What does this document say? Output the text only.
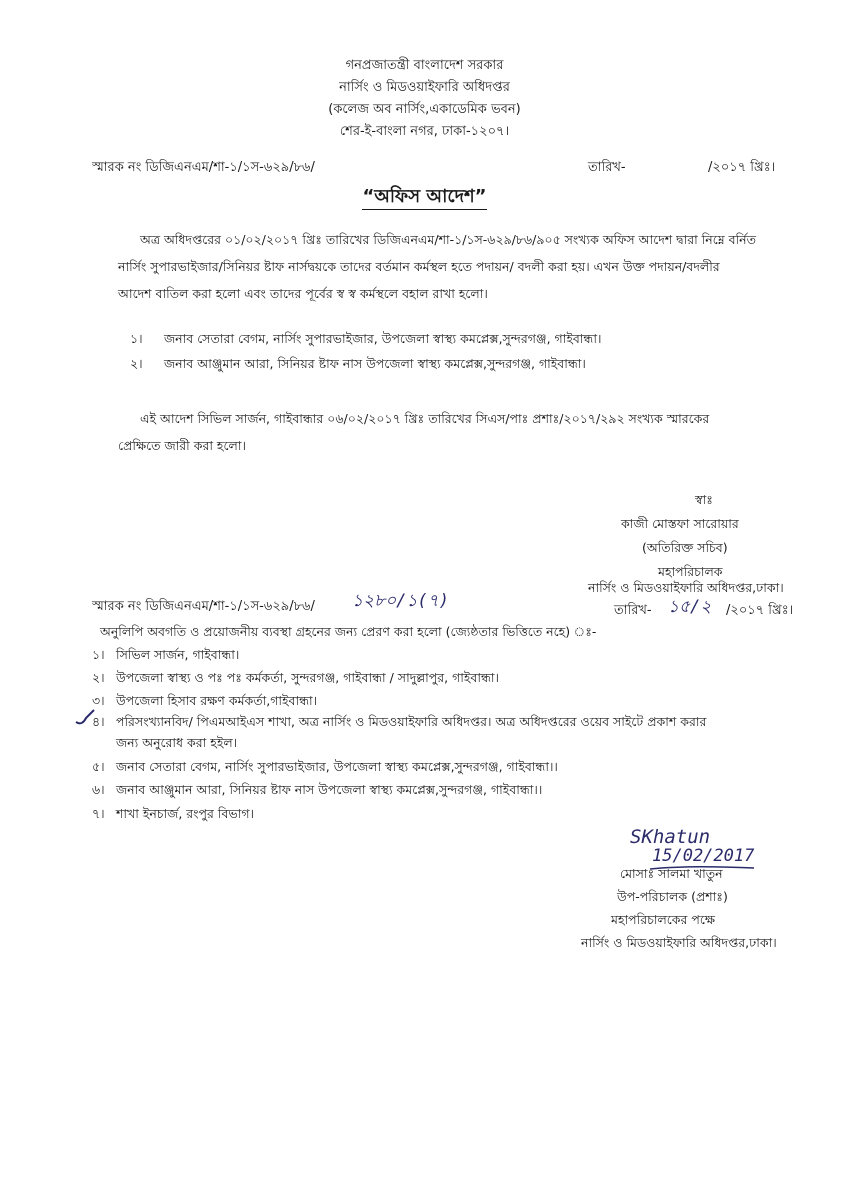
গনপ্রজাতন্ত্রী বাংলাদেশ সরকার
নার্সিং ও মিডওয়াইফারি অধিদপ্তর
(কলেজ অব নার্সিং,একাডেমিক ভবন)
শের-ই-বাংলা নগর, ঢাকা-১২০৭।
স্মারক নং ডিজিএনএম/শা-১/১স-৬২৯/৮৬/	তারিখ-	/২০১৭ খ্রিঃ।
“অফিস আদেশ”
অত্র অধিদপ্তরের ০১/০২/২০১৭ খ্রিঃ তারিখের ডিজিএনএম/শা-১/১স-৬২৯/৮৬/৯০৫ সংখ্যক অফিস আদেশ দ্বারা নিম্নে বর্নিত
নার্সিং সুপারভাইজার/সিনিয়র ষ্টাফ নার্সদ্বয়কে তাদের বর্তমান কর্মস্থল হতে পদায়ন/ বদলী করা হয়। এখন উক্ত পদায়ন/বদলীর
আদেশ বাতিল করা হলো এবং তাদের পূর্বের স্ব স্ব কর্মস্থলে বহাল রাখা হলো।
১। জনাব সেতারা বেগম, নার্সিং সুপারভাইজার, উপজেলা স্বাস্থ্য কমপ্লেক্স,সুন্দরগঞ্জ, গাইবান্ধা।
২। জনাব আঞ্জুমান আরা, সিনিয়র ষ্টাফ নাস উপজেলা স্বাস্থ্য কমপ্লেক্স,সুন্দরগঞ্জ, গাইবান্ধা।
এই আদেশ সিভিল সার্জন, গাইবান্ধার ০৬/০২/২০১৭ খ্রিঃ তারিখের সিএস/পাঃ প্রশাঃ/২০১৭/২৯২ সংখ্যক স্মারকের
প্রেক্ষিতে জারী করা হলো।
স্বাঃ
কাজী মোস্তফা সারোয়ার
(অতিরিক্ত সচিব)
মহাপরিচালক
নার্সিং ও মিডওয়াইফারি অধিদপ্তর,ঢাকা।
স্মারক নং ডিজিএনএম/শা-১/১স-৬২৯/৮৬/ ১২৮০/১(৭)	তারিখ- ১৫/২ /২০১৭ খ্রিঃ।
অনুলিপি অবগতি ও প্রয়োজনীয় ব্যবস্থা গ্রহনের জন্য প্রেরণ করা হলো (জ্যেষ্ঠতার ভিত্তিতে নহে) ঃ-
১। সিভিল সার্জন, গাইবান্ধা।
২। উপজেলা স্বাস্থ্য ও পঃ পঃ কর্মকর্তা, সুন্দরগঞ্জ, গাইবান্ধা / সাদুল্লাপুর, গাইবান্ধা।
৩। উপজেলা হিসাব রক্ষণ কর্মকর্তা,গাইবান্ধা।
৪। পরিসংখ্যানবিদ/ পিএমআইএস শাখা, অত্র নার্সিং ও মিডওয়াইফারি অধিদপ্তর। অত্র অধিদপ্তরের ওয়েব সাইটে প্রকাশ করার
জন্য অনুরোধ করা হইল।
৫। জনাব সেতারা বেগম, নার্সিং সুপারভাইজার, উপজেলা স্বাস্থ্য কমপ্লেক্স,সুন্দরগঞ্জ, গাইবান্ধা।।
৬। জনাব আঞ্জুমান আরা, সিনিয়র ষ্টাফ নাস উপজেলা স্বাস্থ্য কমপ্লেক্স,সুন্দরগঞ্জ, গাইবান্ধা।।
৭। শাখা ইনচার্জ, রংপুর বিভাগ।
SKhatun
15/02/2017
মোসাঃ সালমা খাতুন
উপ-পরিচালক (প্রশাঃ)
মহাপরিচালকের পক্ষে
নার্সিং ও মিডওয়াইফারি অধিদপ্তর,ঢাকা।
